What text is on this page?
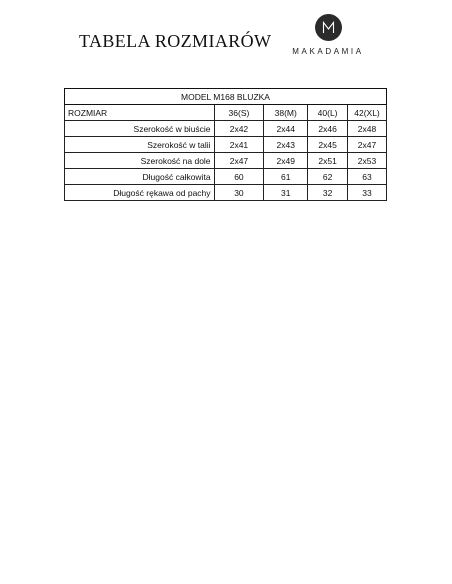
TABELA ROZMIARÓW
MAKADAMIA
MODEL M168 BLUZKA				
ROZMIAR	36(S)	38(M)	40(L)	42(XL)
Szerokość w biuście	2x42	2x44	2x46	2x48
Szerokość w talii	2x41	2x43	2x45	2x47
Szerokość na dole	2x47	2x49	2x51	2x53
Długość całkowita	60	61	62	63
Długość rękawa od pachy	30	31	32	33
